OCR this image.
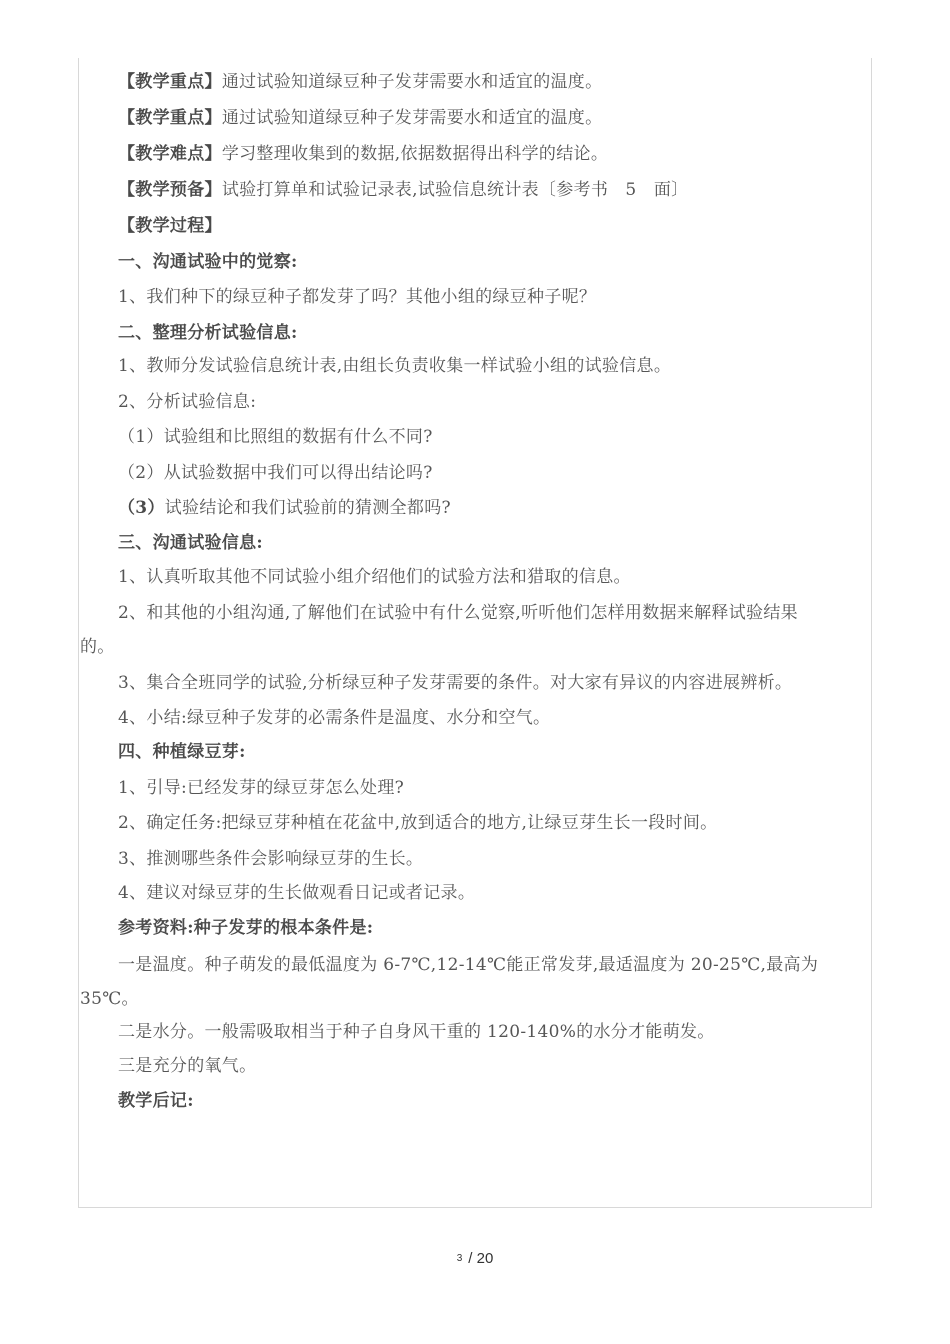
【教学重点】通过试验知道绿豆种子发芽需要水和适宜的温度。
【教学重点】通过试验知道绿豆种子发芽需要水和适宜的温度。
【教学难点】学习整理收集到的数据,依据数据得出科学的结论。
【教学预备】试验打算单和试验记录表,试验信息统计表〔参考书　5　面〕
【教学过程】
一、沟通试验中的觉察:
1、我们种下的绿豆种子都发芽了吗？其他小组的绿豆种子呢？
二、整理分析试验信息:
1、教师分发试验信息统计表,由组长负责收集一样试验小组的试验信息。
2、分析试验信息:
（1）试验组和比照组的数据有什么不同?
（2）从试验数据中我们可以得出结论吗?
（3）试验结论和我们试验前的猜测全都吗?
三、沟通试验信息:
1、认真听取其他不同试验小组介绍他们的试验方法和猎取的信息。
2、和其他的小组沟通,了解他们在试验中有什么觉察,听听他们怎样用数据来解释试验结果
的。
3、集合全班同学的试验,分析绿豆种子发芽需要的条件。对大家有异议的内容进展辨析。
4、小结:绿豆种子发芽的必需条件是温度、水分和空气。
四、种植绿豆芽:
1、引导:已经发芽的绿豆芽怎么处理?
2、确定任务:把绿豆芽种植在花盆中,放到适合的地方,让绿豆芽生长一段时间。
3、推测哪些条件会影响绿豆芽的生长。
4、建议对绿豆芽的生长做观看日记或者记录。
参考资料:种子发芽的根本条件是:
一是温度。种子萌发的最低温度为 6-7℃,12-14℃能正常发芽,最适温度为 20-25℃,最高为
35℃。
二是水分。一般需吸取相当于种子自身风干重的 120-140%的水分才能萌发。
三是充分的氧气。
教学后记:
3 / 20
